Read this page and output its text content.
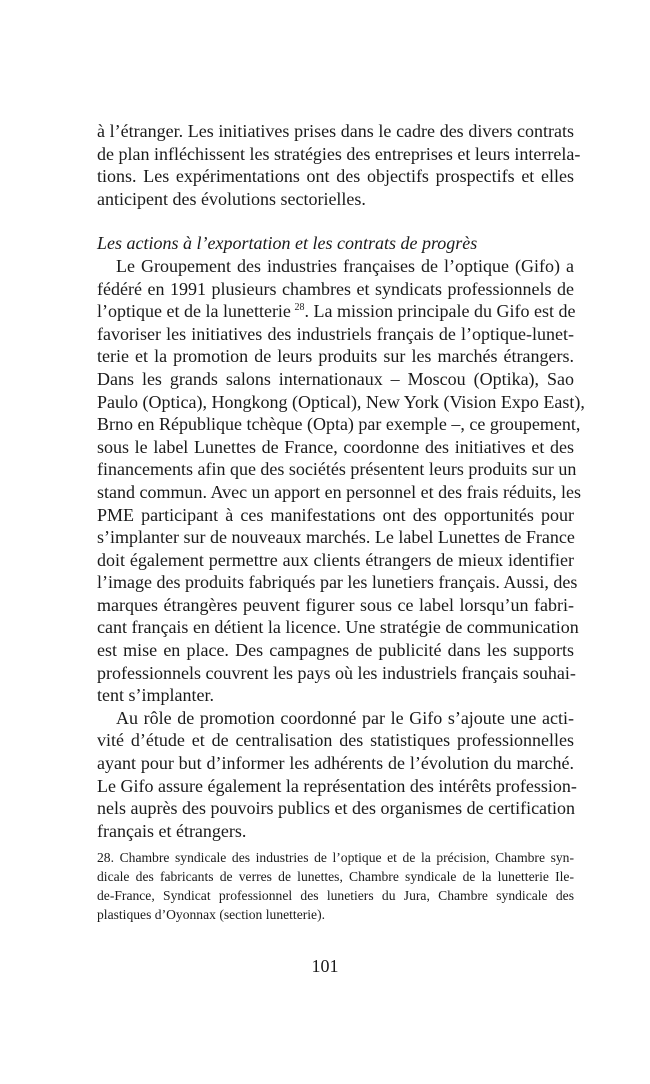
à l’étranger. Les initiatives prises dans le cadre des divers contrats
de plan infléchissent les stratégies des entreprises et leurs interrela-
tions. Les expérimentations ont des objectifs prospectifs et elles
anticipent des évolutions sectorielles.
Les actions à l’exportation et les contrats de progrès
Le Groupement des industries françaises de l’optique (Gifo) a
fédéré en 1991 plusieurs chambres et syndicats professionnels de
l’optique et de la lunetterie  $^{28}$. La mission principale du Gifo est de
favoriser les initiatives des industriels français de l’optique-lunet-
terie et la promotion de leurs produits sur les marchés étrangers.
Dans les grands salons internationaux – Moscou (Optika), Sao
Paulo (Optica), Hongkong (Optical), New York (Vision Expo East),
Brno en République tchèque (Opta) par exemple –, ce groupement,
sous le label Lunettes de France, coordonne des initiatives et des
financements afin que des sociétés présentent leurs produits sur un
stand commun. Avec un apport en personnel et des frais réduits, les
PME participant à ces manifestations ont des opportunités pour
s’implanter sur de nouveaux marchés. Le label Lunettes de France
doit également permettre aux clients étrangers de mieux identifier
l’image des produits fabriqués par les lunetiers français. Aussi, des
marques étrangères peuvent figurer sous ce label lorsqu’un fabri-
cant français en détient la licence. Une stratégie de communication
est mise en place. Des campagnes de publicité dans les supports
professionnels couvrent les pays où les industriels français souhai-
tent s’implanter.
Au rôle de promotion coordonné par le Gifo s’ajoute une acti-
vité d’étude et de centralisation des statistiques professionnelles
ayant pour but d’informer les adhérents de l’évolution du marché.
Le Gifo assure également la représentation des intérêts profession-
nels auprès des pouvoirs publics et des organismes de certification
français et étrangers.
28. Chambre syndicale des industries de l’optique et de la précision, Chambre syn-
dicale des fabricants de verres de lunettes, Chambre syndicale de la lunetterie Ile-
de-France, Syndicat professionnel des lunetiers du Jura, Chambre syndicale des
plastiques d’Oyonnax (section lunetterie).
101
